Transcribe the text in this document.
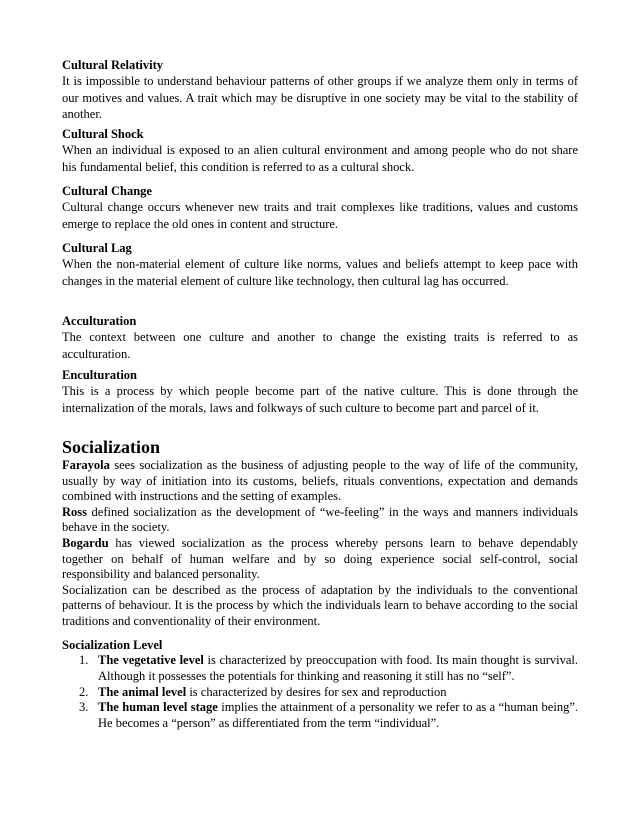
Cultural Relativity

It is impossible to understand behaviour patterns of other groups if we analyze them only in terms of our motives and values. A trait which may be disruptive in one society may be vital to the stability of another.

Cultural Shock

When an individual is exposed to an alien cultural environment and among people who do not share his fundamental belief, this condition is referred to as a cultural shock.

Cultural Change

Cultural change occurs whenever new traits and trait complexes like traditions, values and customs emerge to replace the old ones in content and structure.

Cultural Lag

When the non-material element of culture like norms, values and beliefs attempt to keep pace with changes in the material element of culture like technology, then cultural lag has occurred.

Acculturation

The context between one culture and another to change the existing traits is referred to as acculturation.

Enculturation

This is a process by which people become part of the native culture. This is done through the internalization of the morals, laws and folkways of such culture to become part and parcel of it.

Socialization

Farayola sees socialization as the business of adjusting people to the way of life of the community, usually by way of initiation into its customs, beliefs, rituals conventions, expectation and demands combined with instructions and the setting of examples.

Ross defined socialization as the development of “we-feeling” in the ways and manners individuals behave in the society.

Bogardu has viewed socialization as the process whereby persons learn to behave dependably together on behalf of human welfare and by so doing experience social self-control, social responsibility and balanced personality.

Socialization can be described as the process of adaptation by the individuals to the conventional patterns of behaviour. It is the process by which the individuals learn to behave according to the social traditions and conventionality of their environment.

Socialization Level
1. The vegetative level is characterized by preoccupation with food. Its main thought is survival. Although it possesses the potentials for thinking and reasoning it still has no “self”.
2. The animal level is characterized by desires for sex and reproduction
3. The human level stage implies the attainment of a personality we refer to as a “human being”. He becomes a “person” as differentiated from the term “individual”.
